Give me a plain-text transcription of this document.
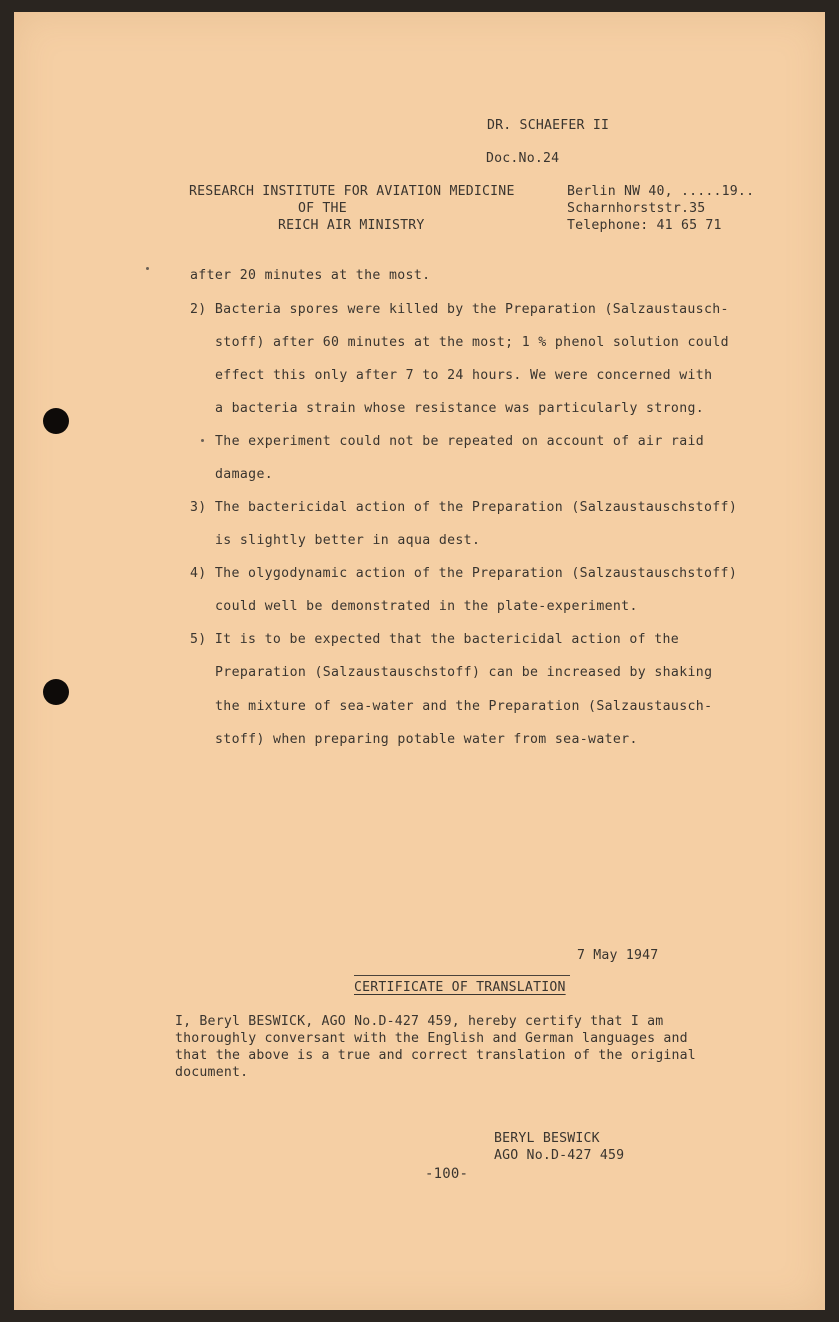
DR. SCHAEFER II
Doc.No.24
RESEARCH INSTITUTE FOR AVIATION MEDICINE
OF THE
REICH AIR MINISTRY
Berlin NW 40, .....19..
Scharnhorststr.35
Telephone: 41 65 71
after 20 minutes at the most.
2) Bacteria spores were killed by the Preparation (Salzaustausch-
stoff) after 60 minutes at the most; 1 % phenol solution could
effect this only after 7 to 24 hours. We were concerned with
a bacteria strain whose resistance was particularly strong.
The experiment could not be repeated on account of air raid
damage.
3) The bactericidal action of the Preparation (Salzaustauschstoff)
is slightly better in aqua dest.
4) The olygodynamic action of the Preparation (Salzaustauschstoff)
could well be demonstrated in the plate-experiment.
5) It is to be expected that the bactericidal action of the
Preparation (Salzaustauschstoff) can be increased by shaking
the mixture of sea-water and the Preparation (Salzaustausch-
stoff) when preparing potable water from sea-water.
7 May 1947
CERTIFICATE OF TRANSLATION
I, Beryl BESWICK, AGO No.D-427 459, hereby certify that I am
thoroughly conversant with the English and German languages and
that the above is a true and correct translation of the original
document.
BERYL BESWICK
AGO No.D-427 459
-100-
